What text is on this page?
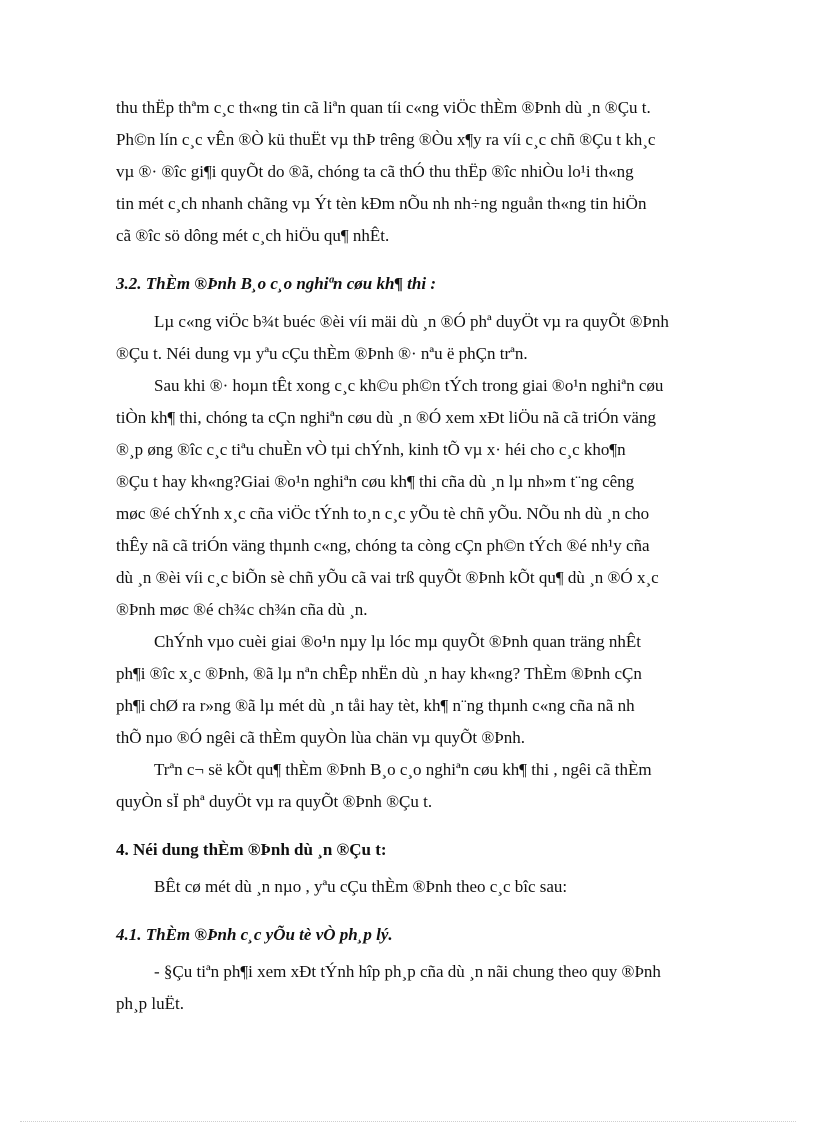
thu thËp thªm c¸c th«ng tin cã liªn quan tíi c«ng viÖc thÈm ®Þnh dù ¸n ®Çu t.
Ph©n lín c¸c vÊn ®Ò kü thuËt vµ thÞ trêng ®Òu x¶y ra víi c¸c chñ ®Çu t kh¸c
vµ ®· ®îc gi¶i quyÕt do ®ã, chóng ta cã thÓ thu thËp ®îc nhiÒu lo¹i th«ng
tin mét c¸ch nhanh chãng vµ Ýt tèn kÐm nÕu nh nh÷ng nguån th«ng tin hiÖn
cã ®îc sö dông mét c¸ch hiÖu qu¶ nhÊt.
3.2. ThÈm ®Þnh B¸o c¸o nghiªn cøu kh¶ thi :
Lµ c«ng viÖc b¾t buéc ®èi víi mäi dù ¸n ®Ó phª duyÖt vµ ra quyÕt ®Þnh
®Çu t. Néi dung vµ yªu cÇu thÈm ®Þnh ®· nªu ë phÇn trªn.
Sau khi ®· hoµn tÊt xong c¸c kh©u ph©n tÝch trong giai ®o¹n nghiªn cøu
tiÒn kh¶ thi, chóng ta cÇn nghiªn cøu dù ¸n ®Ó xem xÐt liÖu nã cã triÓn väng
®¸p øng ®îc c¸c tiªu chuÈn vÒ tµi chÝnh, kinh tÕ vµ x· héi cho c¸c kho¶n
®Çu t hay kh«ng?Giai ®o¹n nghiªn cøu kh¶ thi cña dù ¸n lµ nh»m t¨ng cêng
møc ®é chÝnh x¸c cña viÖc tÝnh to¸n c¸c yÕu tè chñ yÕu. NÕu nh dù ¸n cho
thÊy nã cã triÓn väng thµnh c«ng, chóng ta còng cÇn ph©n tÝch ®é nh¹y cña
dù ¸n ®èi víi c¸c biÕn sè chñ yÕu cã vai trß quyÕt ®Þnh kÕt qu¶ dù ¸n ®Ó x¸c
®Þnh møc ®é ch¾c ch¾n cña dù ¸n.
ChÝnh vµo cuèi giai ®o¹n nµy lµ lóc mµ quyÕt ®Þnh quan träng nhÊt
ph¶i ®îc x¸c ®Þnh, ®ã lµ nªn chÊp nhËn dù ¸n hay kh«ng? ThÈm ®Þnh cÇn
ph¶i chØ ra r»ng ®ã lµ mét dù ¸n tåi hay tèt, kh¶ n¨ng thµnh c«ng cña nã nh
thÕ nµo ®Ó ngêi cã thÈm quyÒn lùa chän vµ quyÕt ®Þnh.
Trªn c¬ së kÕt qu¶ thÈm ®Þnh B¸o c¸o nghiªn cøu kh¶ thi , ngêi cã thÈm
quyÒn sÏ phª duyÖt vµ ra quyÕt ®Þnh ®Çu t.
4. Néi dung thÈm ®Þnh dù ¸n ®Çu t:
BÊt cø mét dù ¸n nµo , yªu cÇu thÈm ®Þnh theo c¸c bîc sau:
4.1. ThÈm ®Þnh c¸c yÕu tè vÒ ph¸p lý.
- §Çu tiªn ph¶i xem xÐt tÝnh hîp ph¸p cña dù ¸n nãi chung theo quy ®Þnh
ph¸p luËt.
